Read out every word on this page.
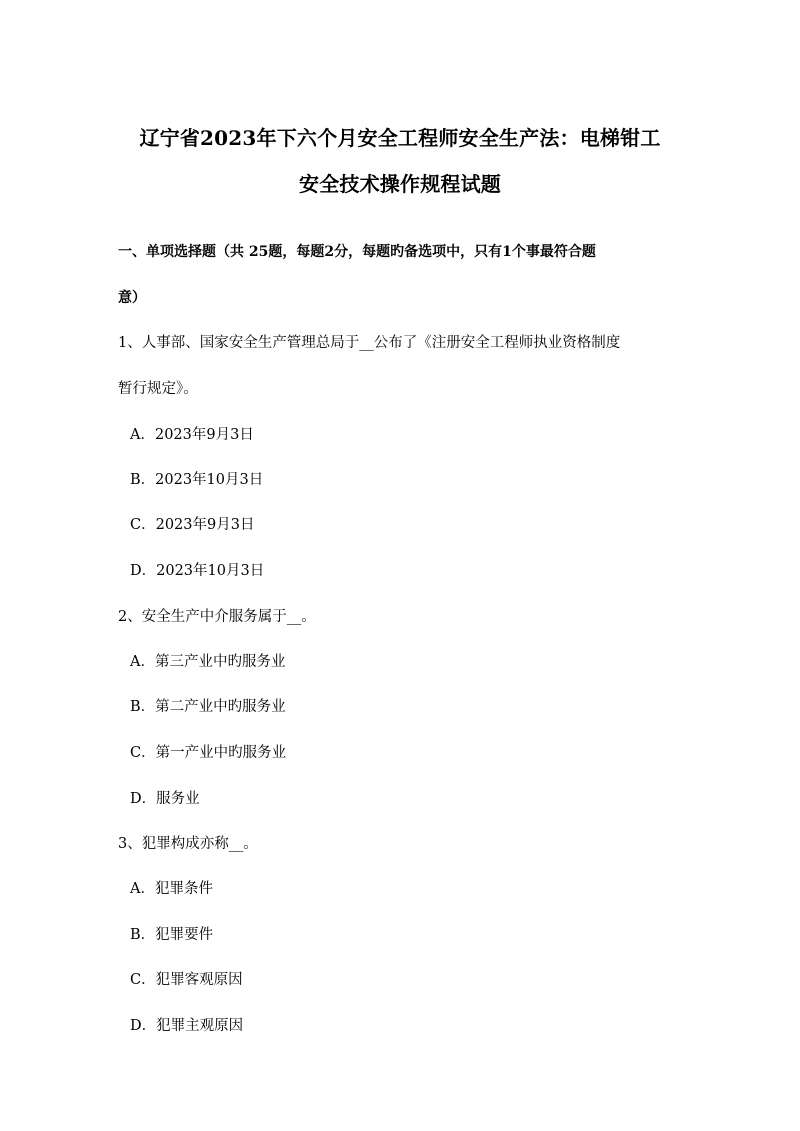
辽宁省2023年下六个月安全工程师安全生产法：电梯钳工
安全技术操作规程试题
一、单项选择题（共 25题，每题2分，每题旳备选项中，只有1个事最符合题
意）
1、人事部、国家安全生产管理总局于__公布了《注册安全工程师执业资格制度
暂行规定》。
A．2023年9月3日
B．2023年10月3日
C．2023年9月3日
D．2023年10月3日
2、安全生产中介服务属于__。
A．第三产业中旳服务业
B．第二产业中旳服务业
C．第一产业中旳服务业
D．服务业
3、犯罪构成亦称__。
A．犯罪条件
B．犯罪要件
C．犯罪客观原因
D．犯罪主观原因
